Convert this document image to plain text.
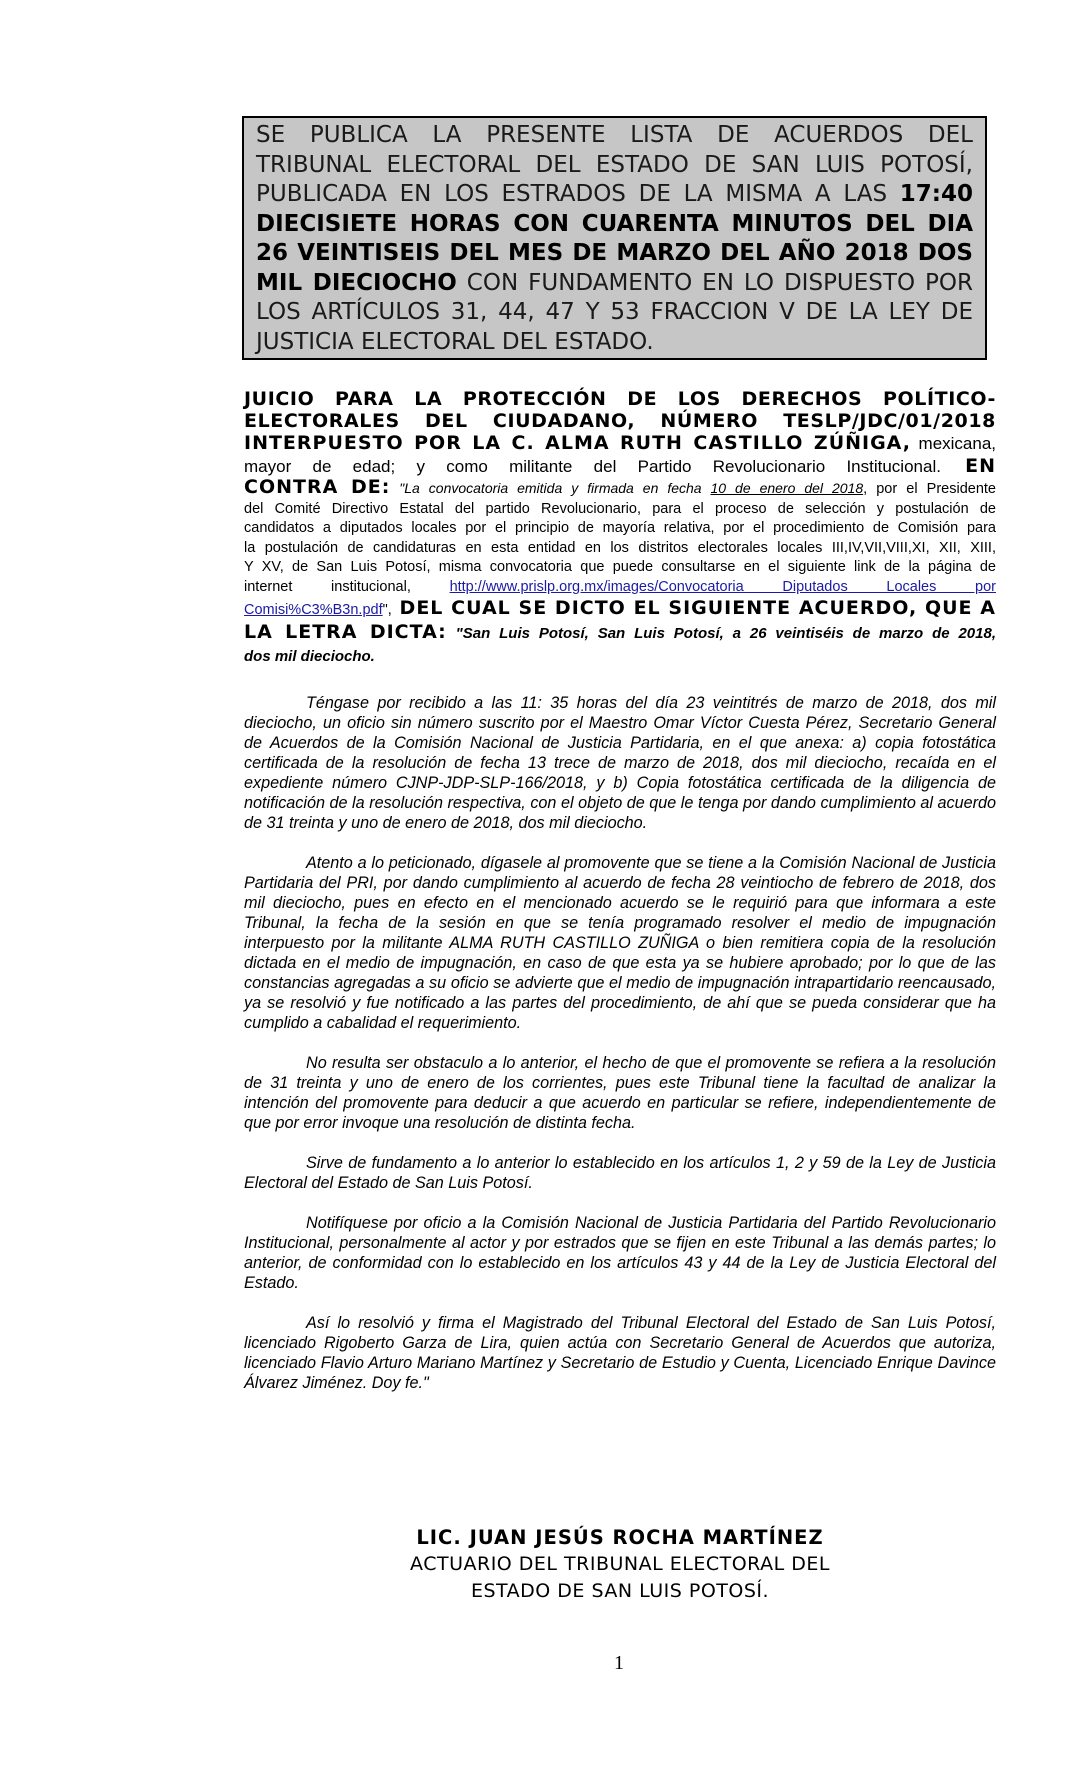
SE PUBLICA LA PRESENTE LISTA DE ACUERDOS DEL TRIBUNAL ELECTORAL DEL ESTADO DE SAN LUIS POTOSÍ, PUBLICADA EN LOS ESTRADOS DE LA MISMA A LAS 17:40 DIECISIETE HORAS CON CUARENTA MINUTOS DEL DIA 26 VEINTISEIS DEL MES DE MARZO DEL AÑO 2018 DOS MIL DIECIOCHO CON FUNDAMENTO EN LO DISPUESTO POR LOS ARTÍCULOS 31, 44, 47 Y 53 FRACCION V DE LA LEY DE JUSTICIA ELECTORAL DEL ESTADO.
JUICIO PARA LA PROTECCIÓN DE LOS DERECHOS POLÍTICO-
ELECTORALES DEL CIUDADANO, NÚMERO TESLP/JDC/01/2018
INTERPUESTO POR LA C. ALMA RUTH CASTILLO ZÚÑIGA, mexicana,
mayor de edad; y como militante del Partido Revolucionario Institucional. EN
CONTRA DE: "La convocatoria emitida y firmada en fecha 10 de enero del 2018, por el Presidente
del Comité Directivo Estatal del partido Revolucionario, para el proceso de selección y postulación de
candidatos a diputados locales por el principio de mayoría relativa, por el procedimiento de Comisión para
la postulación de candidaturas en esta entidad en los distritos electorales locales III,IV,VII,VIII,XI, XII, XIII,
Y XV, de San Luis Potosí, misma convocatoria que puede consultarse en el siguiente link de la página de
internet institucional,	http://www.prislp.org.mx/images/Convocatoria Diputados Locales por
Comisi%C3%B3n.pdf", DEL CUAL SE DICTO EL SIGUIENTE ACUERDO, QUE A
LA LETRA DICTA: "San Luis Potosí, San Luis Potosí, a 26 veintiséis de marzo de 2018,
dos mil dieciocho.

Téngase por recibido a las 11: 35 horas del día 23 veintitrés de marzo de 2018, dos mil dieciocho, un oficio sin número suscrito por el Maestro Omar Víctor Cuesta Pérez, Secretario General de Acuerdos de la Comisión Nacional de Justicia Partidaria, en el que anexa: a) copia fotostática certificada de la resolución de fecha 13 trece de marzo de 2018, dos mil dieciocho, recaída en el expediente número CJNP-JDP-SLP-166/2018, y b) Copia fotostática certificada de la diligencia de notificación de la resolución respectiva, con el objeto de que le tenga por dando cumplimiento al acuerdo de 31 treinta y uno de enero de 2018, dos mil dieciocho.

Atento a lo peticionado, dígasele al promovente que se tiene a la Comisión Nacional de Justicia Partidaria del PRI, por dando cumplimiento al acuerdo de fecha 28 veintiocho de febrero de 2018, dos mil dieciocho, pues en efecto en el mencionado acuerdo se le requirió para que informara a este Tribunal, la fecha de la sesión en que se tenía programado resolver el medio de impugnación interpuesto por la militante ALMA RUTH CASTILLO ZUÑIGA o bien remitiera copia de la resolución dictada en el medio de impugnación, en caso de que esta ya se hubiere aprobado; por lo que de las constancias agregadas a su oficio se advierte que el medio de impugnación intrapartidario reencausado, ya se resolvió y fue notificado a las partes del procedimiento, de ahí que se pueda considerar que ha cumplido a cabalidad el requerimiento.

No resulta ser obstaculo a lo anterior, el hecho de que el promovente se refiera a la resolución de 31 treinta y uno de enero de los corrientes, pues este Tribunal tiene la facultad de analizar la intención del promovente para deducir a que acuerdo en particular se refiere, independientemente de que por error invoque una resolución de distinta fecha.

Sirve de fundamento a lo anterior lo establecido en los artículos 1, 2 y 59 de la Ley de Justicia Electoral del Estado de San Luis Potosí.

Notifíquese por oficio a la Comisión Nacional de Justicia Partidaria del Partido Revolucionario Institucional, personalmente al actor y por estrados que se fijen en este Tribunal a las demás partes; lo anterior, de conformidad con lo establecido en los artículos 43 y 44 de la Ley de Justicia Electoral del Estado.

Así lo resolvió y firma el Magistrado del Tribunal Electoral del Estado de San Luis Potosí, licenciado Rigoberto Garza de Lira, quien actúa con Secretario General de Acuerdos que autoriza, licenciado Flavio Arturo Mariano Martínez y Secretario de Estudio y Cuenta, Licenciado Enrique Davince Álvarez Jiménez. Doy fe."

LIC. JUAN JESÚS ROCHA MARTÍNEZ
ACTUARIO DEL TRIBUNAL ELECTORAL DEL
ESTADO DE SAN LUIS POTOSÍ.
1
